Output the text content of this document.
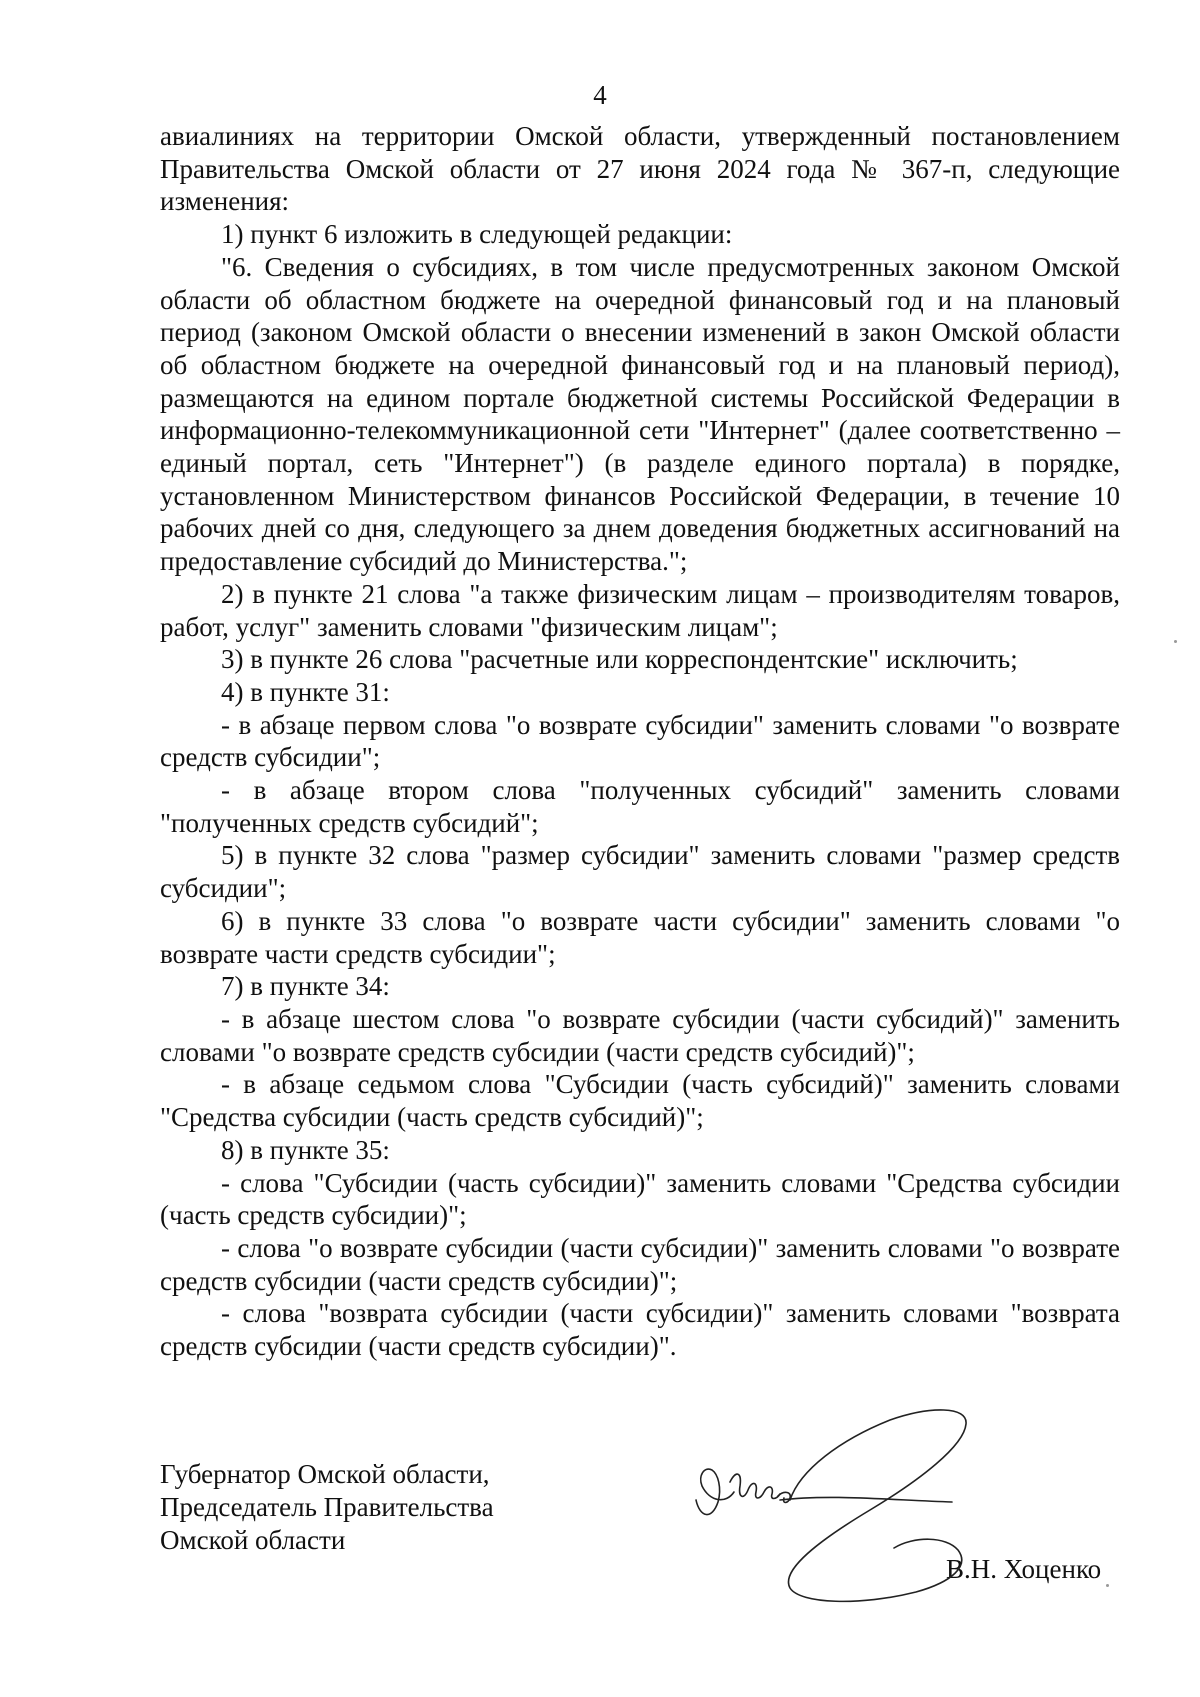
4

авиалиниях на территории Омской области, утвержденный постановлением Правительства Омской области от 27 июня 2024 года № 367-п, следующие изменения:

1) пункт 6 изложить в следующей редакции:

"6. Сведения о субсидиях, в том числе предусмотренных законом Омской области об областном бюджете на очередной финансовый год и на плановый период (законом Омской области о внесении изменений в закон Омской области об областном бюджете на очередной финансовый год и на плановый период), размещаются на едином портале бюджетной системы Российской Федерации в информационно-телекоммуникационной сети "Интернет" (далее соответственно – единый портал, сеть "Интернет") (в разделе единого портала) в порядке, установленном Министерством финансов Российской Федерации, в течение 10 рабочих дней со дня, следующего за днем доведения бюджетных ассигнований на предоставление субсидий до Министерства.";

2) в пункте 21 слова "а также физическим лицам – производителям товаров, работ, услуг" заменить словами "физическим лицам";

3) в пункте 26 слова "расчетные или корреспондентские" исключить;

4) в пункте 31:

- в абзаце первом слова "о возврате субсидии" заменить словами "о возврате средств субсидии";

- в абзаце втором слова "полученных субсидий" заменить словами "полученных средств субсидий";

5) в пункте 32 слова "размер субсидии" заменить словами "размер средств субсидии";

6) в пункте 33 слова "о возврате части субсидии" заменить словами "о возврате части средств субсидии";

7) в пункте 34:

- в абзаце шестом слова "о возврате субсидии (части субсидий)" заменить словами "о возврате средств субсидии (части средств субсидий)";

- в абзаце седьмом слова "Субсидии (часть субсидий)" заменить словами "Средства субсидии (часть средств субсидий)";

8) в пункте 35:

- слова "Субсидии (часть субсидии)" заменить словами "Средства субсидии (часть средств субсидии)";

- слова "о возврате субсидии (части субсидии)" заменить словами "о возврате средств субсидии (части средств субсидии)";

- слова "возврата субсидии (части субсидии)" заменить словами "возврата средств субсидии (части средств субсидии)".

Губернатор Омской области,
Председатель Правительства
Омской области
В.Н. Хоценко
